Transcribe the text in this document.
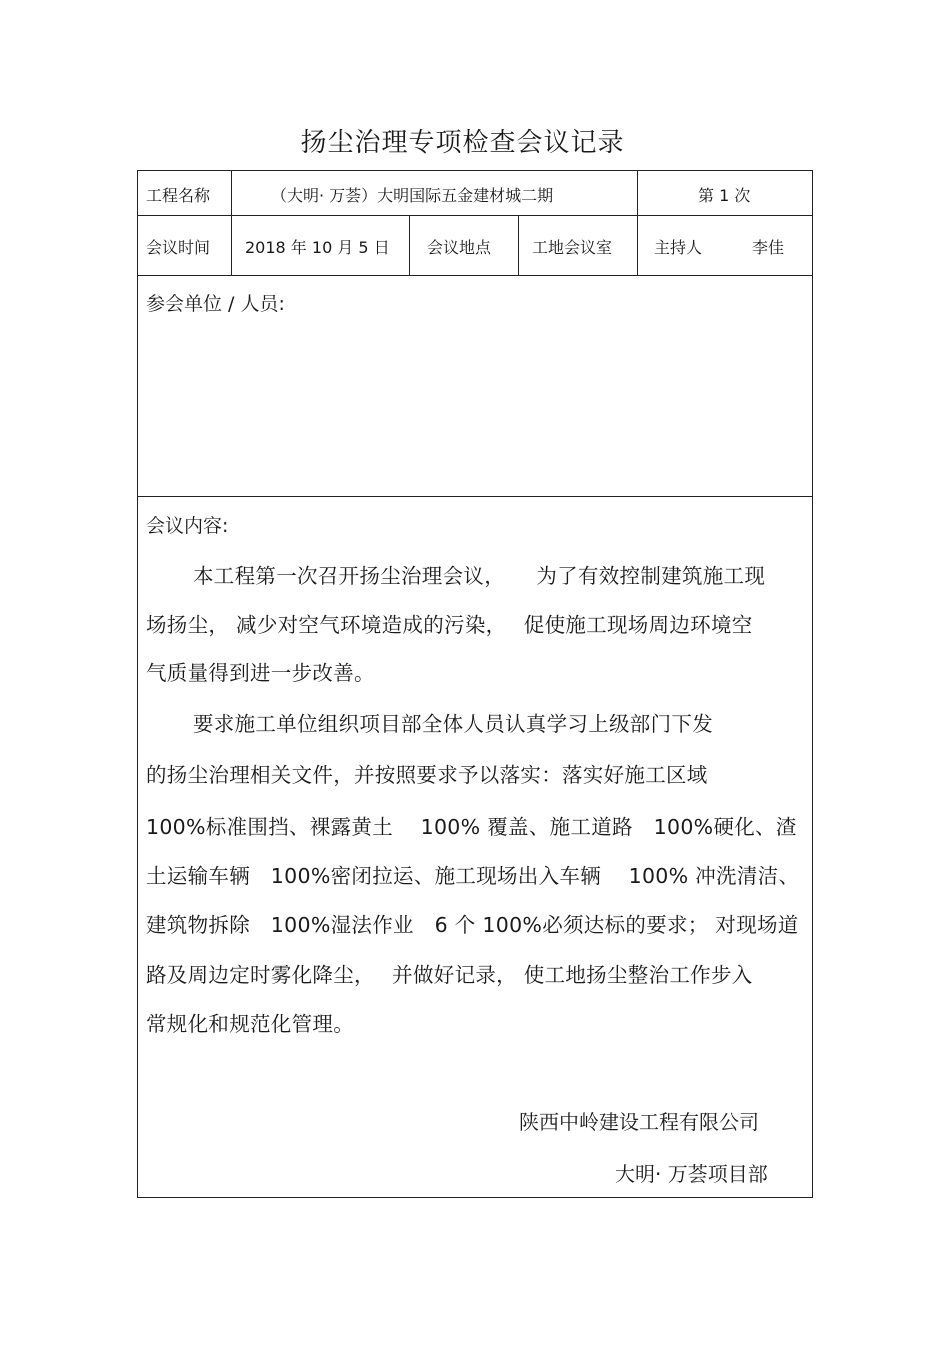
扬尘治理专项检查会议记录
工程名称	（大明· 万荟）大明国际五金建材城二期	第 1 次
会议时间 2018 年 10 月 5 日 会议地点	工地会议室	主持人	李佳
参会单位 / 人员:
会议内容:
本工程第一次召开扬尘治理会议，　　为了有效控制建筑施工现
场扬尘， 减少对空气环境造成的污染，　 促使施工现场周边环境空
气质量得到进一步改善。
要求施工单位组织项目部全体人员认真学习上级部门下发
的扬尘治理相关文件，并按照要求予以落实：落实好施工区域
100%标准围挡、裸露黄土　 100% 覆盖、施工道路　100%硬化、渣
土运输车辆　100%密闭拉运、施工现场出入车辆　 100% 冲洗清洁、
建筑物拆除　100%湿法作业　6 个 100%必须达标的要求； 对现场道
路及周边定时雾化降尘，　 并做好记录， 使工地扬尘整治工作步入
常规化和规范化管理。
陕西中岭建设工程有限公司
大明· 万荟项目部
